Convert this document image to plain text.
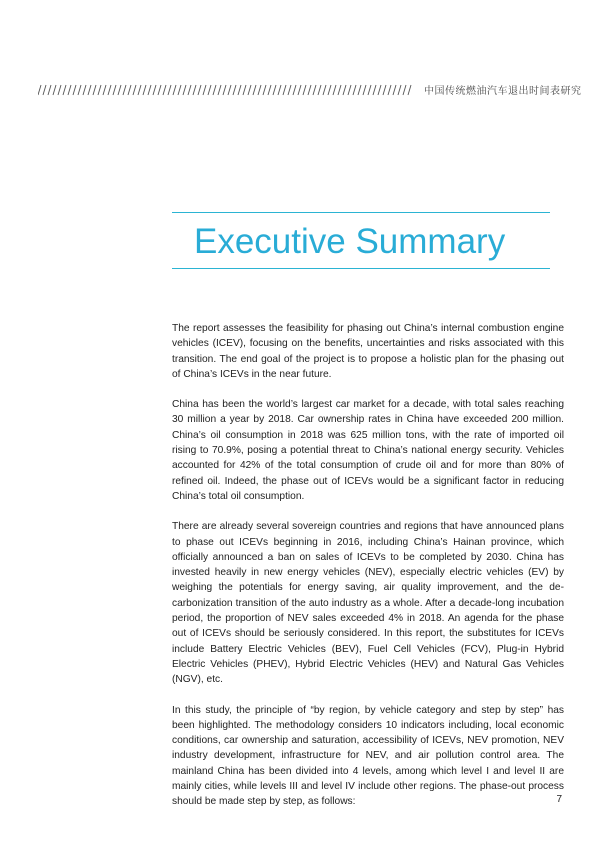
中国传统燃油汽车退出时间表研究
Executive Summary

The report assesses the feasibility for phasing out China’s internal combustion engine vehicles (ICEV), focusing on the benefits, uncertainties and risks associated with this transition. The end goal of the project is to propose a holistic plan for the phasing out of China’s ICEVs in the near future.

China has been the world’s largest car market for a decade, with total sales reaching 30 million a year by 2018. Car ownership rates in China have exceeded 200 million. China’s oil consumption in 2018 was 625 million tons, with the rate of imported oil rising to 70.9%, posing a potential threat to China’s national energy security. Vehicles accounted for 42% of the total consumption of crude oil and for more than 80% of refined oil. Indeed, the phase out of ICEVs would be a significant factor in reducing China’s total oil consumption.

There are already several sovereign countries and regions that have announced plans to phase out ICEVs beginning in 2016, including China’s Hainan province, which officially announced a ban on sales of ICEVs to be completed by 2030. China has invested heavily in new energy vehicles (NEV), especially electric vehicles (EV) by weighing the potentials for energy saving, air quality improvement, and the de-carbonization transition of the auto industry as a whole. After a decade-long incubation period, the proportion of NEV sales exceeded 4% in 2018. An agenda for the phase out of ICEVs should be seriously considered. In this report, the substitutes for ICEVs include Battery Electric Vehicles (BEV), Fuel Cell Vehicles (FCV), Plug-in Hybrid Electric Vehicles (PHEV), Hybrid Electric Vehicles (HEV) and Natural Gas Vehicles (NGV), etc.

In this study, the principle of “by region, by vehicle category and step by step” has been highlighted. The methodology considers 10 indicators including, local economic conditions, car ownership and saturation, accessibility of ICEVs, NEV promotion, NEV industry development, infrastructure for NEV, and air pollution control area. The mainland China has been divided into 4 levels, among which level I and level II are mainly cities, while levels III and level IV include other regions. The phase-out process should be made step by step, as follows:	7
